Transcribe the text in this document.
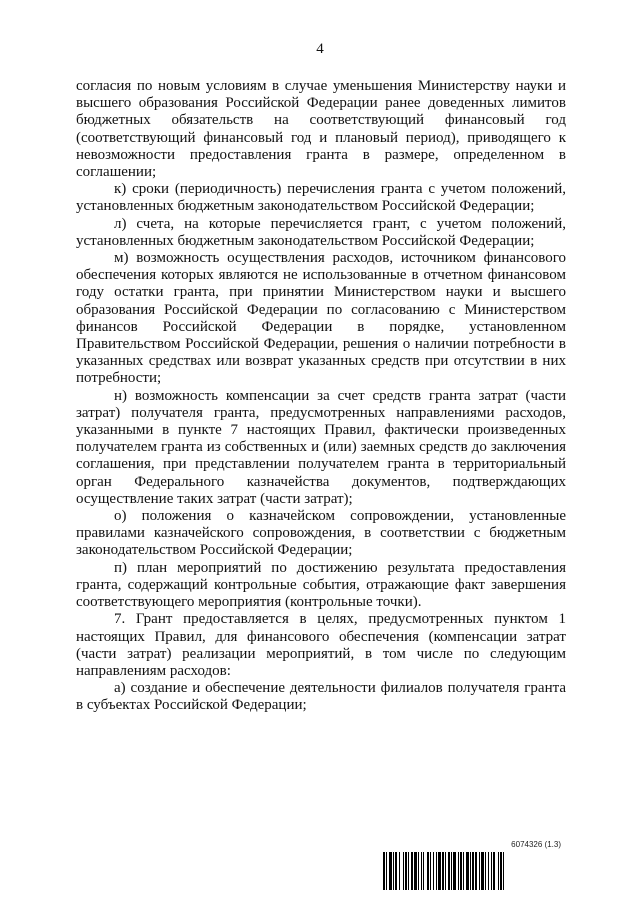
4

согласия по новым условиям в случае уменьшения Министерству науки и высшего образования Российской Федерации ранее доведенных лимитов бюджетных обязательств на соответствующий финансовый год (соответствующий финансовый год и плановый период), приводящего к невозможности предоставления гранта в размере, определенном в соглашении;

к) сроки (периодичность) перечисления гранта с учетом положений, установленных бюджетным законодательством Российской Федерации;

л) счета, на которые перечисляется грант, с учетом положений, установленных бюджетным законодательством Российской Федерации;

м) возможность осуществления расходов, источником финансового обеспечения которых являются не использованные в отчетном финансовом году остатки гранта, при принятии Министерством науки и высшего образования Российской Федерации по согласованию с Министерством финансов Российской Федерации в порядке, установленном Правительством Российской Федерации, решения о наличии потребности в указанных средствах или возврат указанных средств при отсутствии в них потребности;

н) возможность компенсации за счет средств гранта затрат (части затрат) получателя гранта, предусмотренных направлениями расходов, указанными в пункте 7 настоящих Правил, фактически произведенных получателем гранта из собственных и (или) заемных средств до заключения соглашения, при представлении получателем гранта в территориальный орган Федерального казначейства документов, подтверждающих осуществление таких затрат (части затрат);

о) положения о казначейском сопровождении, установленные правилами казначейского сопровождения, в соответствии с бюджетным законодательством Российской Федерации;

п) план мероприятий по достижению результата предоставления гранта, содержащий контрольные события, отражающие факт завершения соответствующего мероприятия (контрольные точки).

7. Грант предоставляется в целях, предусмотренных пунктом 1 настоящих Правил, для финансового обеспечения (компенсации затрат (части затрат) реализации мероприятий, в том числе по следующим направлениям расходов:

а) создание и обеспечение деятельности филиалов получателя гранта в субъектах Российской Федерации;

6074326 (1.3)
